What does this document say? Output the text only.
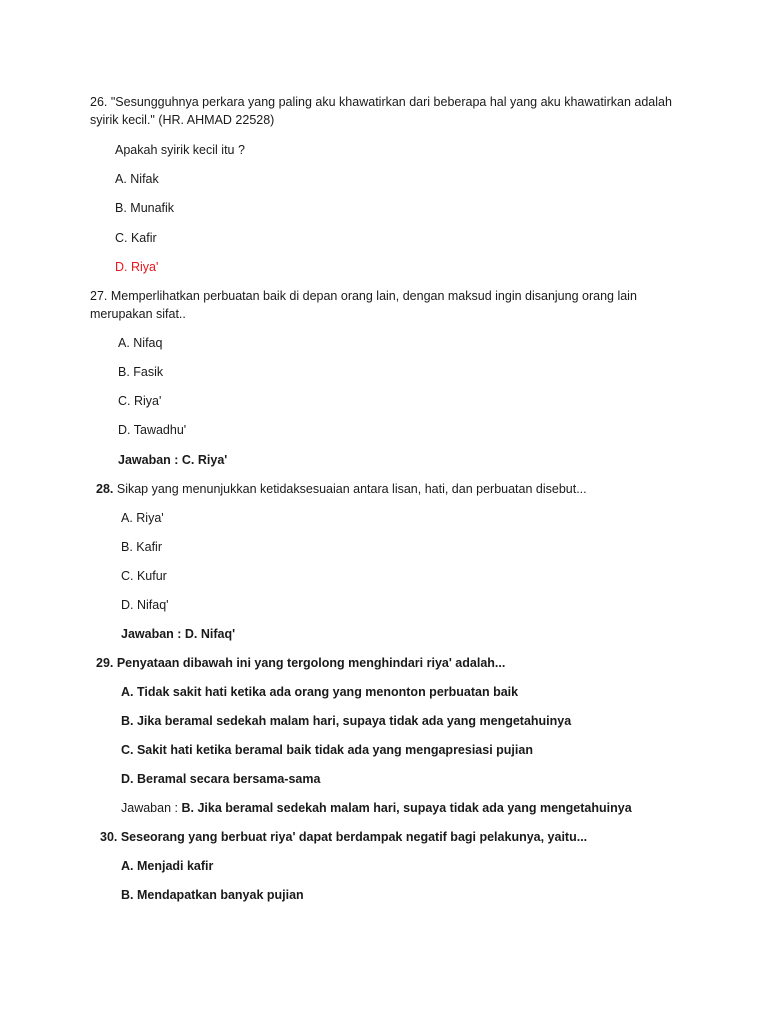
26. "Sesungguhnya perkara yang paling aku khawatirkan dari beberapa hal yang aku khawatirkan adalah
syirik kecil." (HR. AHMAD 22528)
Apakah syirik kecil itu ?
A. Nifak
B. Munafik
C. Kafir
D. Riya'
27. Memperlihatkan perbuatan baik di depan orang lain, dengan maksud ingin disanjung orang lain
merupakan sifat..
A. Nifaq
B. Fasik
C. Riya'
D. Tawadhu'
Jawaban : C. Riya'
28. Sikap yang menunjukkan ketidaksesuaian antara lisan, hati, dan perbuatan disebut...
A. Riya'
B. Kafir
C. Kufur
D. Nifaq'
Jawaban : D. Nifaq'
29. Penyataan dibawah ini yang tergolong menghindari riya' adalah...
A. Tidak sakit hati ketika ada orang yang menonton perbuatan baik
B. Jika beramal sedekah malam hari, supaya tidak ada yang mengetahuinya
C. Sakit hati ketika beramal baik tidak ada yang mengapresiasi pujian
D. Beramal secara bersama-sama
Jawaban : B. Jika beramal sedekah malam hari, supaya tidak ada yang mengetahuinya
30. Seseorang yang berbuat riya' dapat berdampak negatif bagi pelakunya, yaitu...
A. Menjadi kafir
B. Mendapatkan banyak pujian
